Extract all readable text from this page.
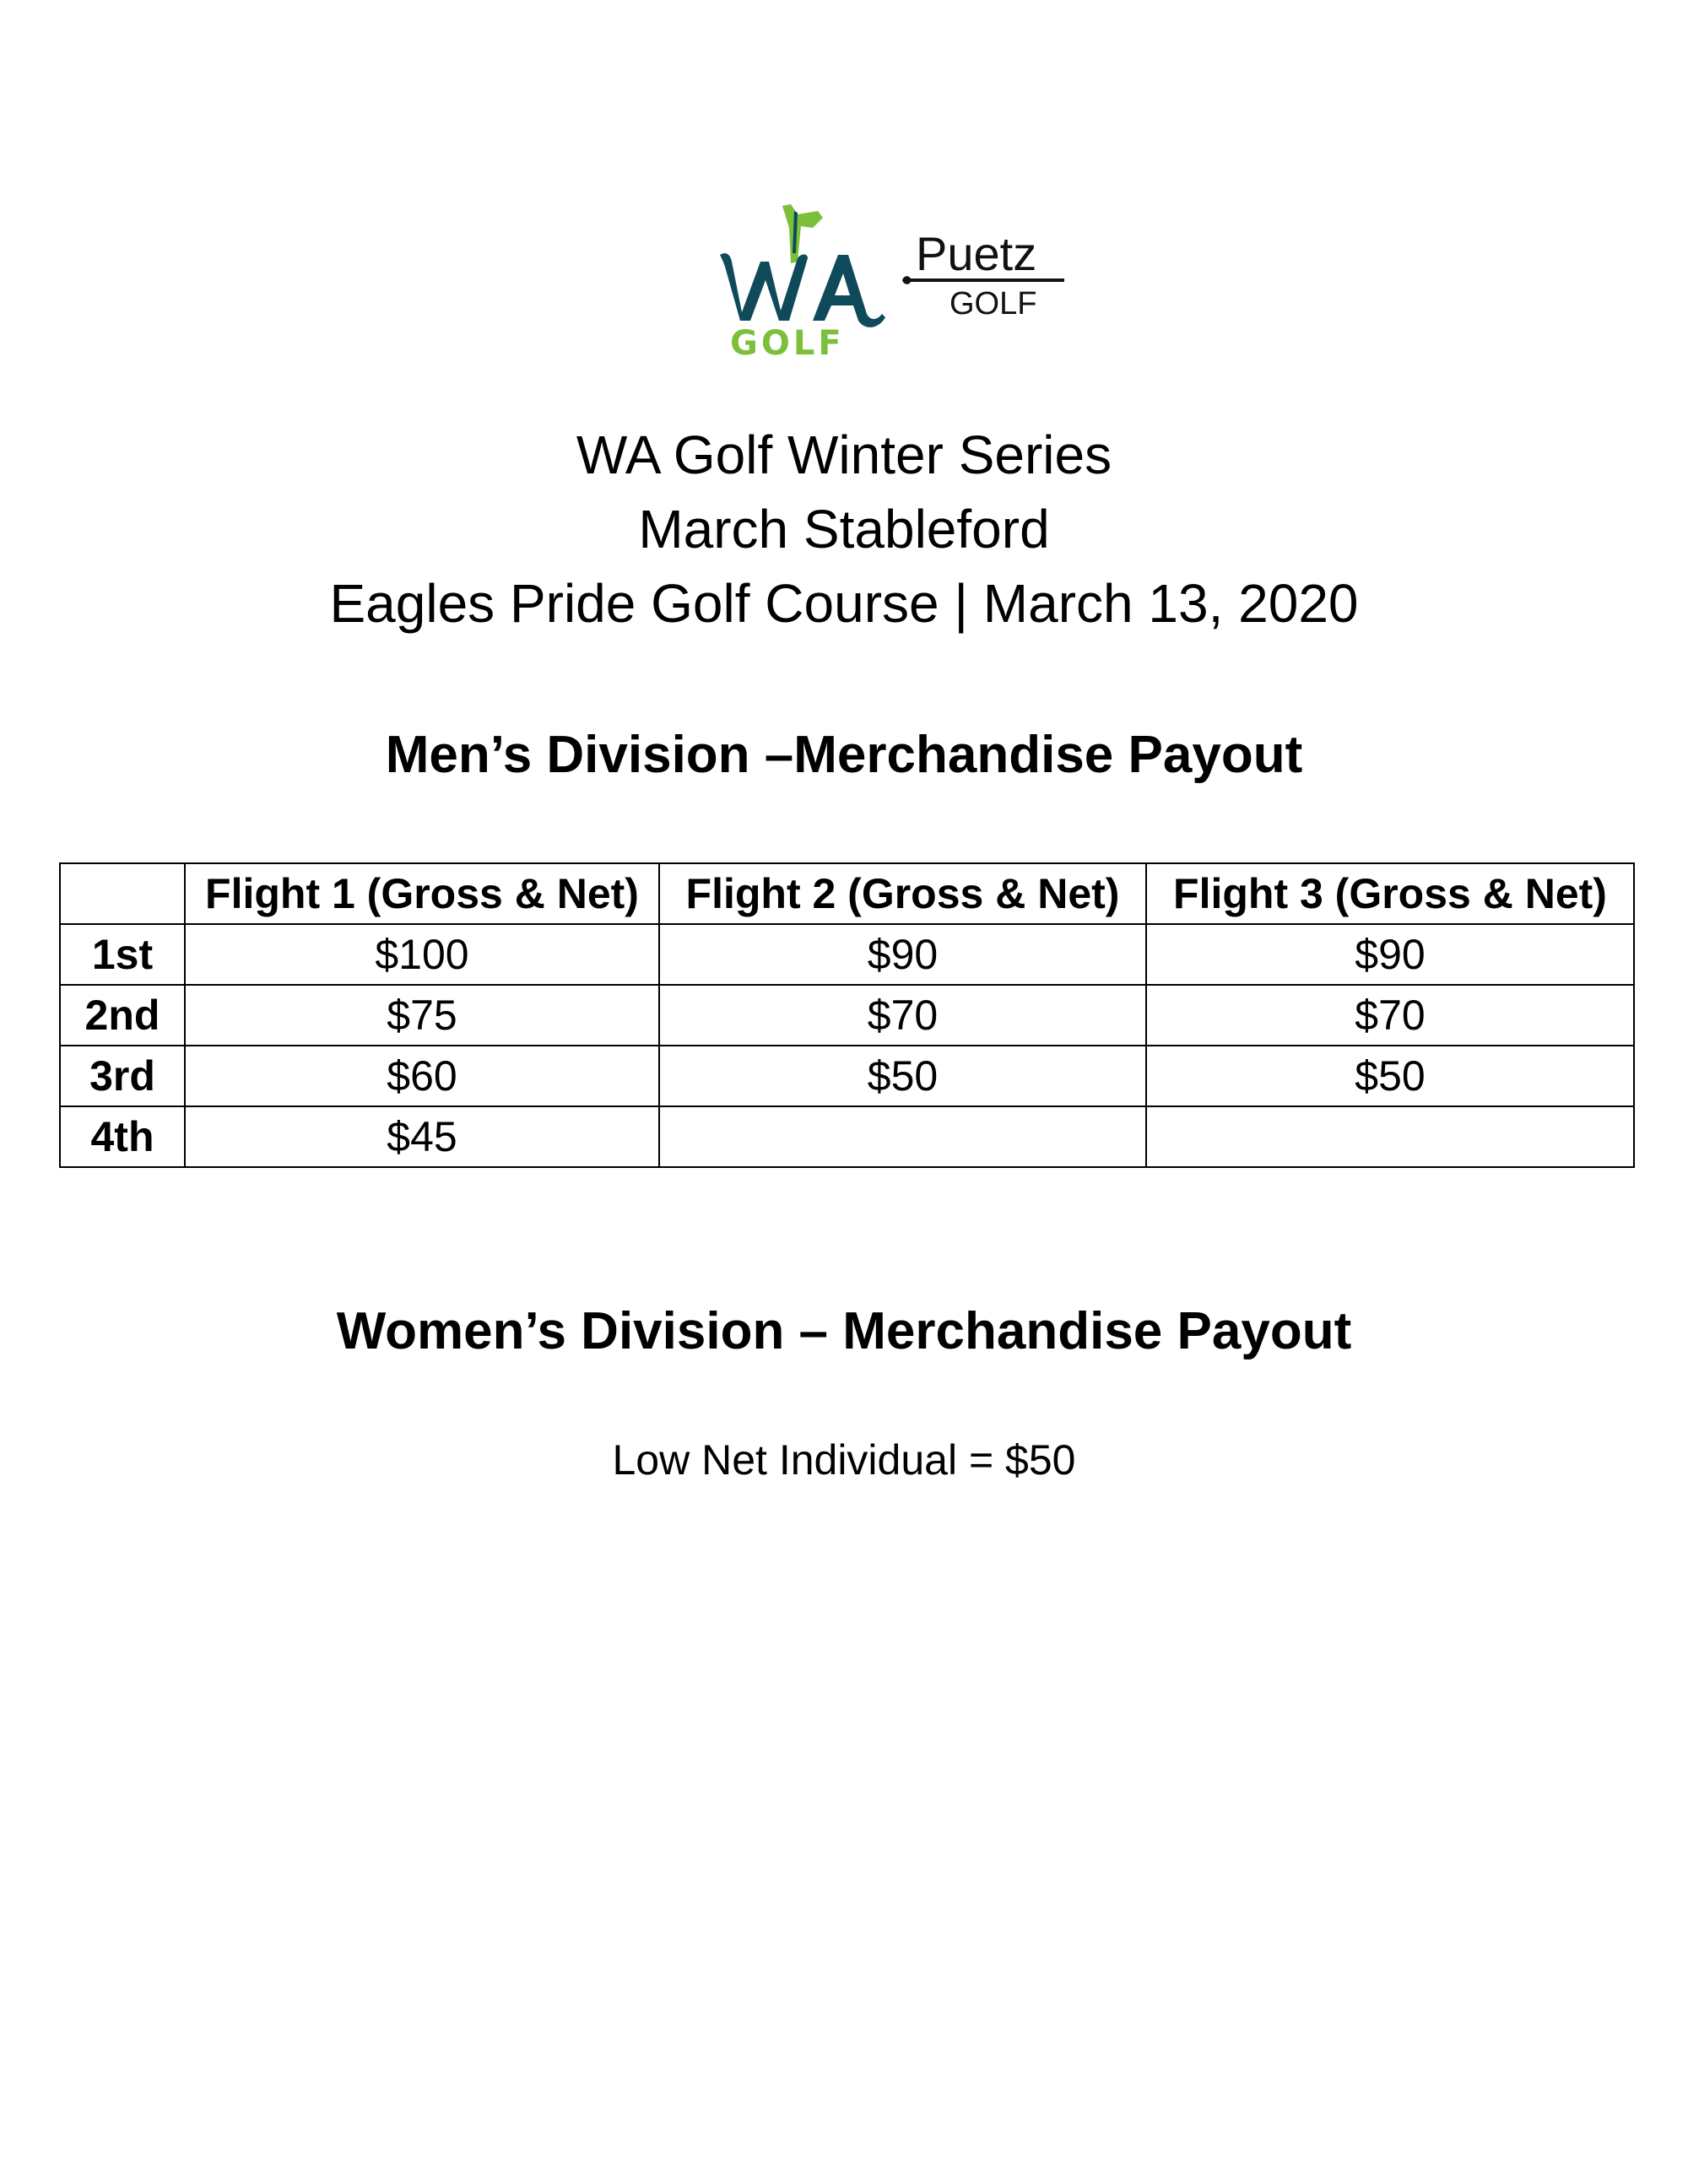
GOLF
Puetz
GOLF
WA Golf Winter Series
March Stableford
Eagles Pride Golf Course | March 13, 2020
Men’s Division –Merchandise Payout
	Flight 1 (Gross & Net)	Flight 2 (Gross & Net)	Flight 3 (Gross & Net)
1st	$100	$90	$90
2nd	$75	$70	$70
3rd	$60	$50	$50
4th	$45		
Women’s Division – Merchandise Payout
Low Net Individual = $50
